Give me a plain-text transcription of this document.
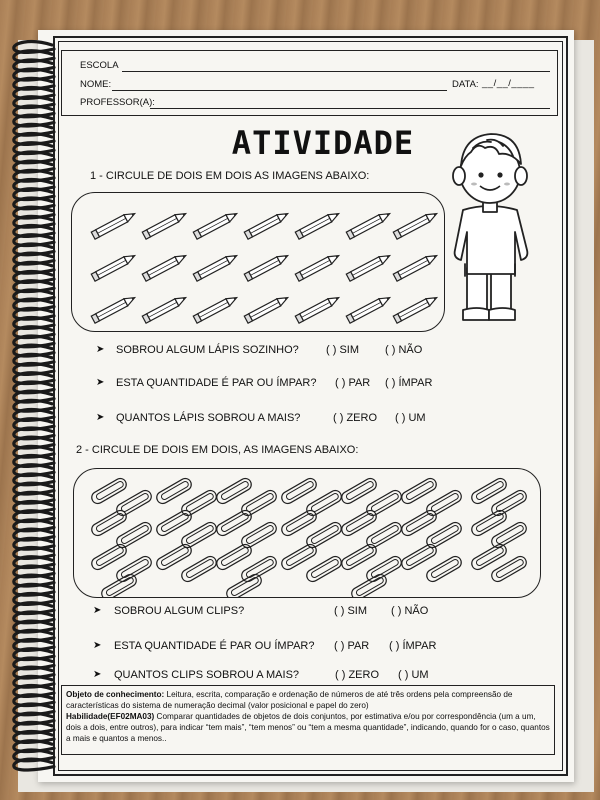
ESCOLA
NOME:	DATA: __/__/____
PROFESSOR(A):
ATIVIDADE
1 - CIRCULE DE DOIS EM DOIS AS IMAGENS ABAIXO:
➤ SOBROU ALGUM LÁPIS SOZINHO? ( ) SIM ( ) NÃO
➤ ESTA QUANTIDADE É PAR OU ÍMPAR? ( ) PAR ( ) ÍMPAR
➤ QUANTOS LÁPIS SOBROU A MAIS?	( ) ZERO ( ) UM
2 - CIRCULE DE DOIS EM DOIS, AS IMAGENS ABAIXO:
➤ SOBROU ALGUM CLIPS?	( ) SIM ( ) NÃO
➤ ESTA QUANTIDADE É PAR OU ÍMPAR? ( ) PAR ( ) ÍMPAR
➤ QUANTOS CLIPS SOBROU A MAIS?	( ) ZERO ( ) UM
Objeto de conhecimento: Leitura, escrita, comparação e ordenação de números de até três ordens pela compreensão de características do sistema de numeração decimal (valor posicional e papel do zero)
Habilidade(EF02MA03) Comparar quantidades de objetos de dois conjuntos, por estimativa e/ou por correspondência (um a um, dois a dois, entre outros), para indicar “tem mais”, “tem menos” ou “tem a mesma quantidade”, indicando, quando for o caso, quantos a mais e quantos a menos..
